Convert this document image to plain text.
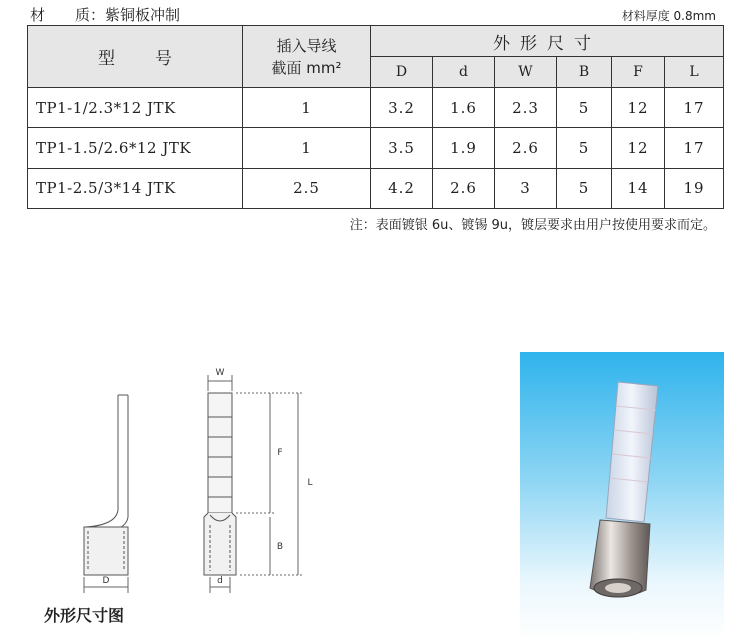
材　　质：紫铜板冲制	材料厚度 0.8mm
型号	插入导线
截面 mm²	外形尺寸					
		D	d	W	B	F	L
TP1-1/2.3*12 JTK	1	3.2	1.6	2.3	5	12	17
TP1-1.5/2.6*12 JTK	1	3.5	1.9	2.6	5	12	17
TP1-2.5/3*14 JTK	2.5	4.2	2.6	3	5	14	19
注：表面镀银 6u、镀锡 9u，镀层要求由用户按使用要求而定。
W
F
L
B
D	d
外形尺寸图
